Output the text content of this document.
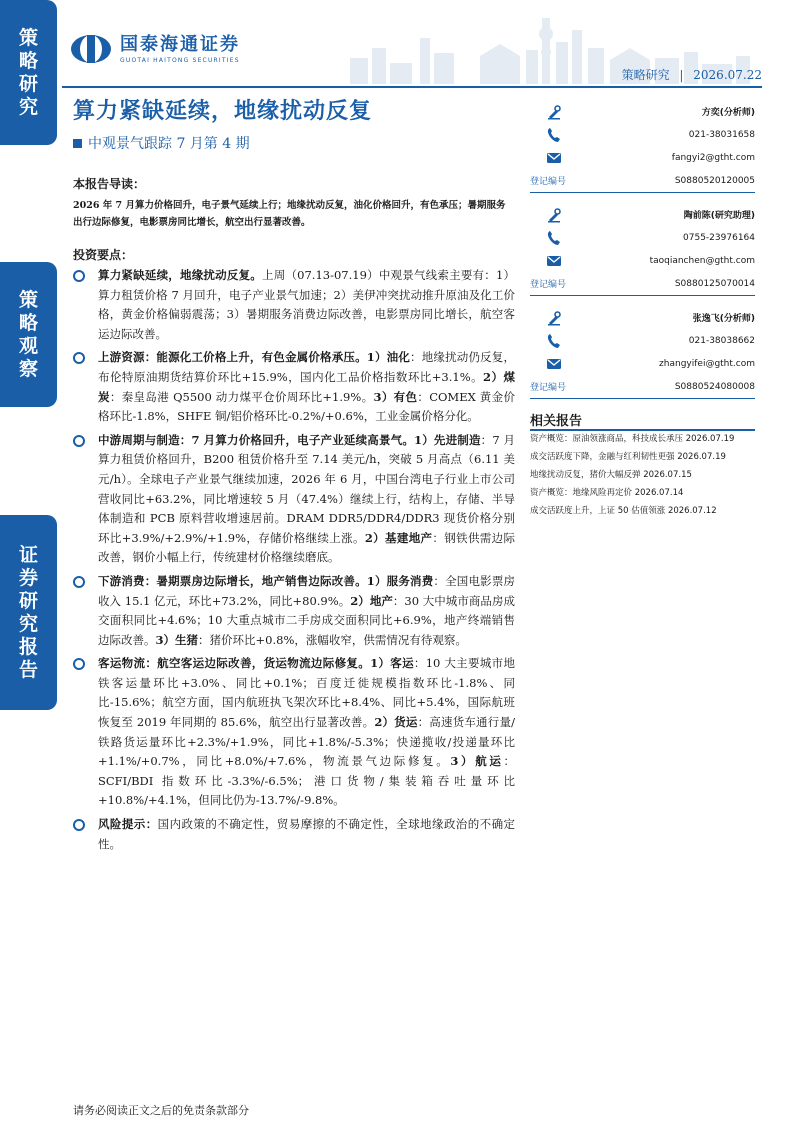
策
略
研
究
策
略
观
察
证
券
研
究
报
告
国泰海通证券
GUOTAI HAITONG SECURITIES
策略研究 | 2026.07.22
算力紧缺延续，地缘扰动反复
中观景气跟踪 7 月第 4 期
本报告导读：
2026 年 7 月算力价格回升，电子景气延续上行；地缘扰动反复，油化价格回升，有色承压；暑期服务出行边际修复，电影票房同比增长，航空出行显著改善。
投资要点：
算力紧缺延续，地缘扰动反复。上周（07.13-07.19）中观景气线索主要有：1）算力租赁价格 7 月回升，电子产业景气加速；2）美伊冲突扰动推升原油及化工价格，黄金价格偏弱震荡；3）暑期服务消费边际改善，电影票房同比增长，航空客运边际改善。
上游资源：能源化工价格上升，有色金属价格承压。1）油化：地缘扰动仍反复，布伦特原油期货结算价环比+15.9%，国内化工品价格指数环比+3.1%。2）煤炭：秦皇岛港 Q5500 动力煤平仓价周环比+1.9%。3）有色：COMEX 黄金价格环比-1.8%，SHFE 铜/铝价格环比-0.2%/+0.6%，工业金属价格分化。
中游周期与制造：7 月算力价格回升，电子产业延续高景气。1）先进制造：7 月算力租赁价格回升，B200 租赁价格升至 7.14 美元/h，突破 5 月高点（6.11 美元/h）。全球电子产业景气继续加速，2026 年 6 月，中国台湾电子行业上市公司营收同比+63.2%，同比增速较 5 月（47.4%）继续上行，结构上，存储、半导体制造和 PCB 原料营收增速居前。DRAM DDR5/DDR4/DDR3 现货价格分别环比+3.9%/+2.9%/+1.9%，存储价格继续上涨。2）基建地产：钢铁供需边际改善，钢价小幅上行，传统建材价格继续磨底。
下游消费：暑期票房边际增长，地产销售边际改善。1）服务消费：全国电影票房收入 15.1 亿元，环比+73.2%，同比+80.9%。2）地产：30 大中城市商品房成交面积同比+4.6%；10 大重点城市二手房成交面积同比+6.9%，地产终端销售边际改善。3）生猪：猪价环比+0.8%，涨幅收窄，供需情况有待观察。
客运物流：航空客运边际改善，货运物流边际修复。1）客运：10 大主要城市地铁客运量环比+3.0%、同比+0.1%；百度迁徙规模指数环比-1.8%、同比-15.6%；航空方面，国内航班执飞架次环比+8.4%、同比+5.4%，国际航班恢复至 2019 年同期的 85.6%，航空出行显著改善。2）货运：高速货车通行量/铁路货运量环比+2.3%/+1.9%，同比+1.8%/-5.3%；快递揽收/投递量环比+1.1%/+0.7%，同比+8.0%/+7.6%，物流景气边际修复。3）航运：SCFI/BDI 指数环比-3.3%/-6.5%；港口货物/集装箱吞吐量环比+10.8%/+4.1%，但同比仍为-13.7%/-9.8%。
风险提示：国内政策的不确定性，贸易摩擦的不确定性，全球地缘政治的不确定性。
方奕(分析师)
021-38031658
fangyi2@gtht.com
登记编号	S0880520120005
陶前陈(研究助理)
0755-23976164
taoqianchen@gtht.com
登记编号	S0880125070014
张逸飞(分析师)
021-38038662
zhangyifei@gtht.com
登记编号	S0880524080008
相关报告
资产概览：原油领涨商品，科技成长承压 2026.07.19
成交活跃度下降，金融与红利韧性更强 2026.07.19
地缘扰动反复，猪价大幅反弹 2026.07.15
资产概览：地缘风险再定价 2026.07.14
成交活跃度上升，上证 50 估值领涨 2026.07.12
请务必阅读正文之后的免责条款部分
